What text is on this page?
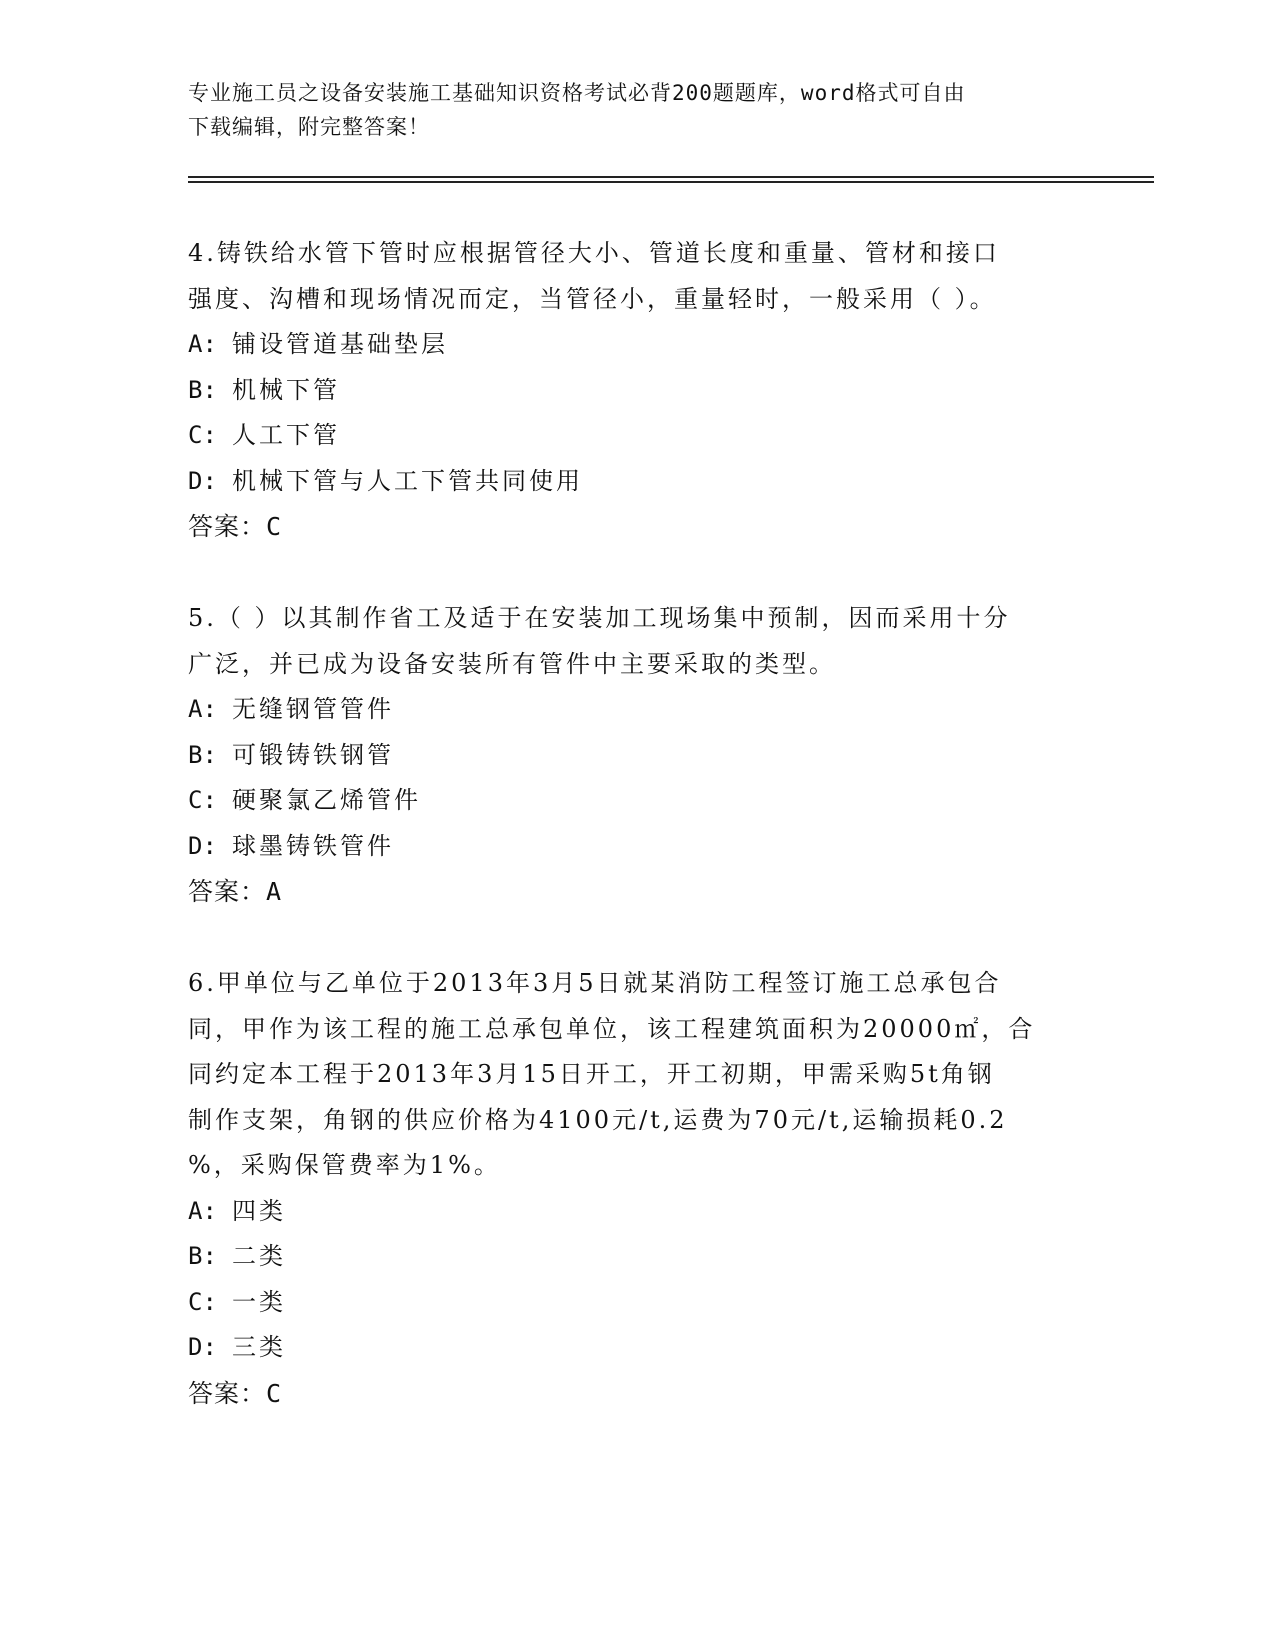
专业施工员之设备安装施工基础知识资格考试必背200题题库，word格式可自由
下载编辑，附完整答案！

4.铸铁给水管下管时应根据管径大小、管道长度和重量、管材和接口

强度、沟槽和现场情况而定，当管径小，重量轻时，一般采用（ ）。

A: 铺设管道基础垫层

B: 机械下管

C: 人工下管

D: 机械下管与人工下管共同使用

答案：C

5.（ ）以其制作省工及适于在安装加工现场集中预制，因而采用十分

广泛，并已成为设备安装所有管件中主要采取的类型。

A: 无缝钢管管件

B: 可锻铸铁钢管

C: 硬聚氯乙烯管件

D: 球墨铸铁管件

答案：A

6.甲单位与乙单位于2013年3月5日就某消防工程签订施工总承包合

同，甲作为该工程的施工总承包单位，该工程建筑面积为20000㎡，合

同约定本工程于2013年3月15日开工，开工初期，甲需采购5t角钢

制作支架，角钢的供应价格为4100元/t,运费为70元/t,运输损耗0.2

%，采购保管费率为1%。

A: 四类

B: 二类

C: 一类

D: 三类

答案：C
